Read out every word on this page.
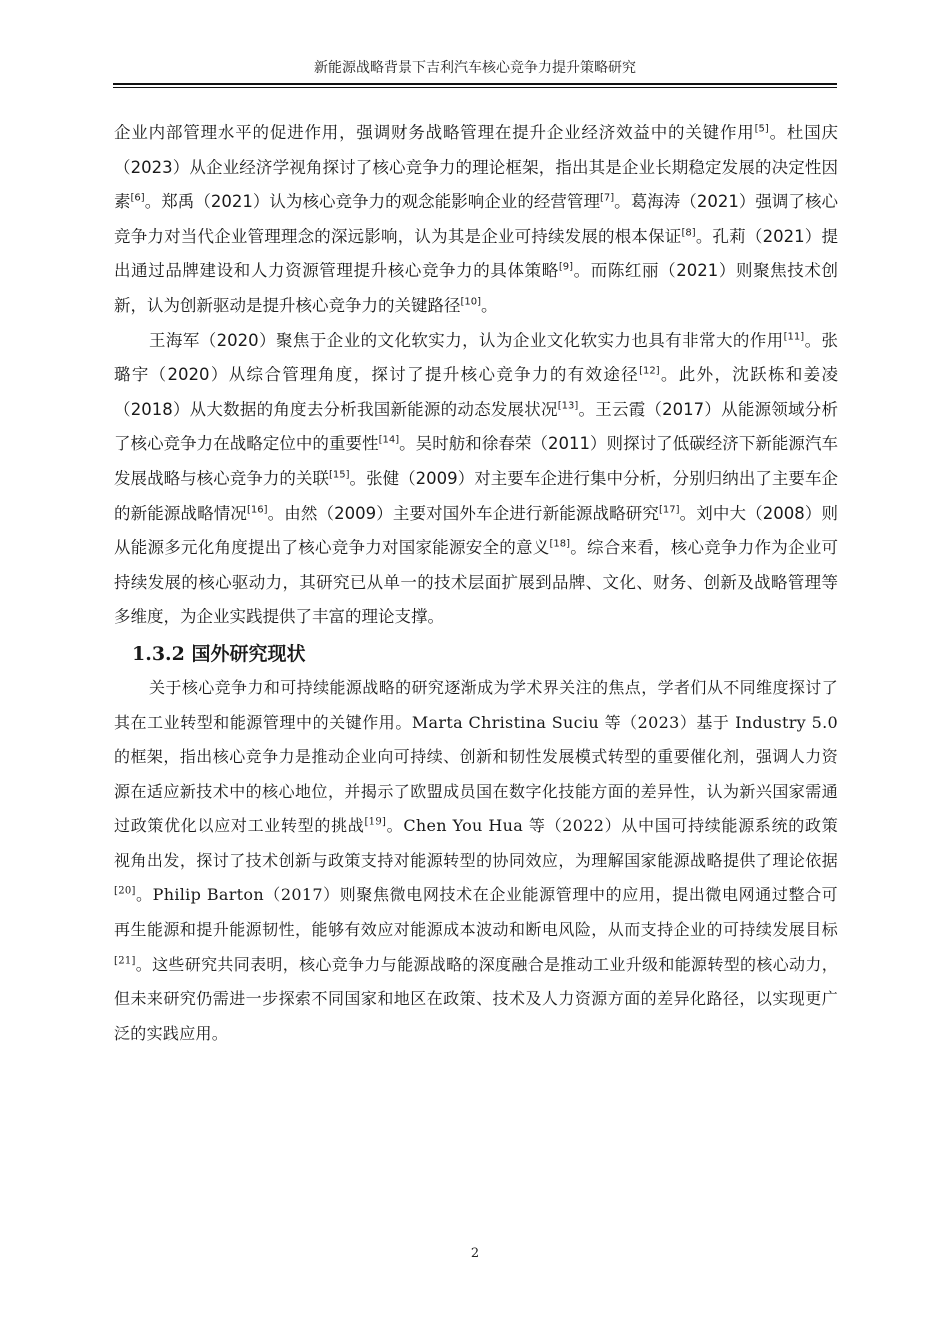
新能源战略背景下吉利汽车核心竞争力提升策略研究

企业内部管理水平的促进作用，强调财务战略管理在提升企业经济效益中的关键作用[5]。杜国庆（2023）从企业经济学视角探讨了核心竞争力的理论框架，指出其是企业长期稳定发展的决定性因素[6]。郑禹（2021）认为核心竞争力的观念能影响企业的经营管理[7]。葛海涛（2021）强调了核心竞争力对当代企业管理理念的深远影响，认为其是企业可持续发展的根本保证[8]。孔莉（2021）提出通过品牌建设和人力资源管理提升核心竞争力的具体策略[9]。而陈红丽（2021）则聚焦技术创新，认为创新驱动是提升核心竞争力的关键路径[10]。

王海军（2020）聚焦于企业的文化软实力，认为企业文化软实力也具有非常大的作用[11]。张璐宇（2020）从综合管理角度，探讨了提升核心竞争力的有效途径[12]。此外，沈跃栋和姜凌（2018）从大数据的角度去分析我国新能源的动态发展状况[13]。王云霞（2017）从能源领域分析了核心竞争力在战略定位中的重要性[14]。吴时舫和徐春荣（2011）则探讨了低碳经济下新能源汽车发展战略与核心竞争力的关联[15]。张健（2009）对主要车企进行集中分析，分别归纳出了主要车企的新能源战略情况[16]。由然（2009）主要对国外车企进行新能源战略研究[17]。刘中大（2008）则从能源多元化角度提出了核心竞争力对国家能源安全的意义[18]。综合来看，核心竞争力作为企业可持续发展的核心驱动力，其研究已从单一的技术层面扩展到品牌、文化、财务、创新及战略管理等多维度，为企业实践提供了丰富的理论支撑。

1.3.2 国外研究现状

关于核心竞争力和可持续能源战略的研究逐渐成为学术界关注的焦点，学者们从不同维度探讨了其在工业转型和能源管理中的关键作用。Marta Christina Suciu 等（2023）基于 Industry 5.0 的框架，指出核心竞争力是推动企业向可持续、创新和韧性发展模式转型的重要催化剂，强调人力资源在适应新技术中的核心地位，并揭示了欧盟成员国在数字化技能方面的差异性，认为新兴国家需通过政策优化以应对工业转型的挑战[19]。Chen You Hua 等（2022）从中国可持续能源系统的政策视角出发，探讨了技术创新与政策支持对能源转型的协同效应，为理解国家能源战略提供了理论依据[20]。Philip Barton（2017）则聚焦微电网技术在企业能源管理中的应用，提出微电网通过整合可再生能源和提升能源韧性，能够有效应对能源成本波动和断电风险，从而支持企业的可持续发展目标[21]。这些研究共同表明，核心竞争力与能源战略的深度融合是推动工业升级和能源转型的核心动力，但未来研究仍需进一步探索不同国家和地区在政策、技术及人力资源方面的差异化路径，以实现更广泛的实践应用。

2
